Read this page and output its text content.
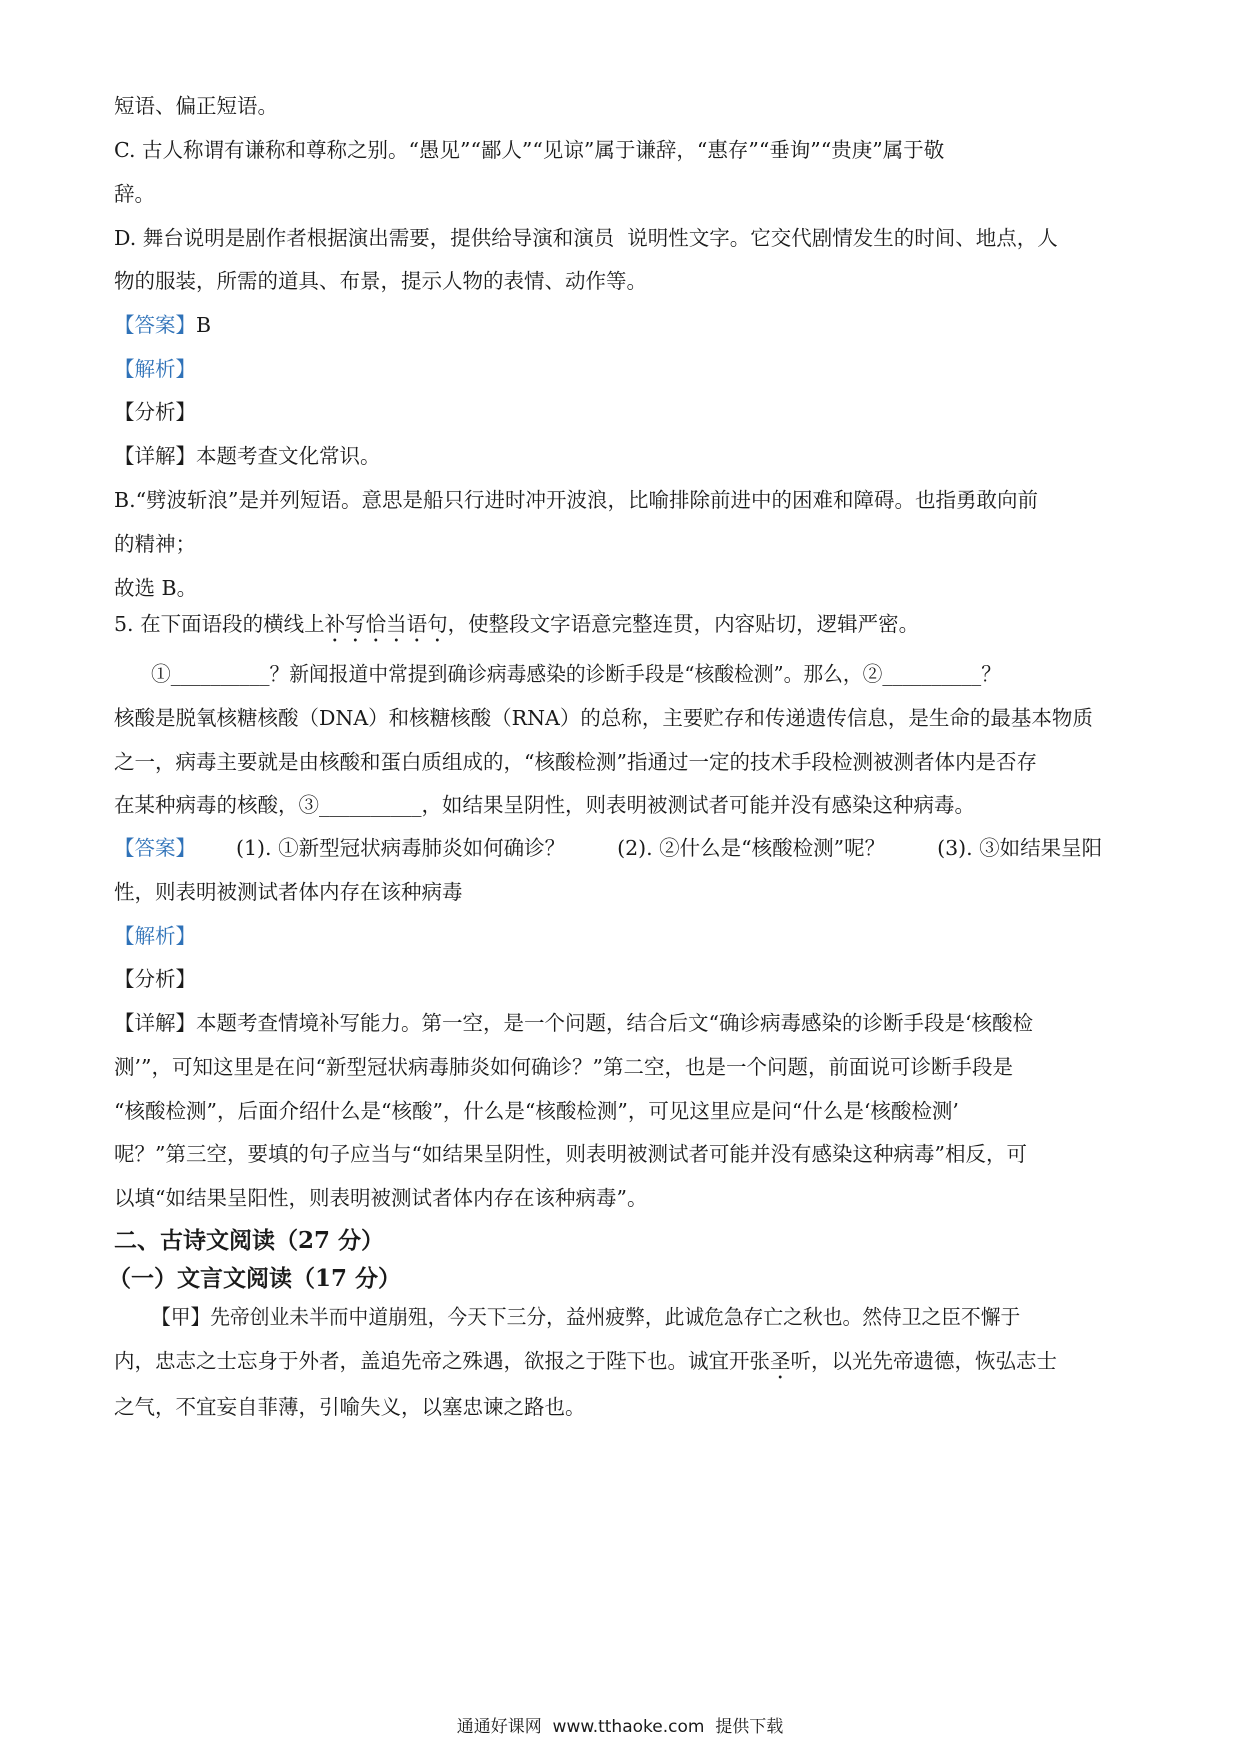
短语、偏正短语。
C. 古人称谓有谦称和尊称之别。“愚见”“鄙人”“见谅”属于谦辞，“惠存”“垂询”“贵庚”属于敬
辞。
D. 舞台说明是剧作者根据演出需要，提供给导演和演员  说明性文字。它交代剧情发生的时间、地点，人
物的服装，所需的道具、布景，提示人物的表情、动作等。
【答案】B
【解析】
【分析】
【详解】本题考查文化常识。
B.“劈波斩浪”是并列短语。意思是船只行进时冲开波浪，比喻排除前进中的困难和障碍。也指勇敢向前
的精神；
故选 B。
5. 在下面语段的横线上补写恰当语句，使整段文字语意完整连贯，内容贴切，逻辑严密。
①__________？新闻报道中常提到确诊病毒感染的诊断手段是“核酸检测”。那么，②__________？
核酸是脱氧核糖核酸（DNA）和核糖核酸（RNA）的总称，主要贮存和传递遗传信息，是生命的最基本物质
之一，病毒主要就是由核酸和蛋白质组成的，“核酸检测”指通过一定的技术手段检测被测者体内是否存
在某种病毒的核酸，③__________，如结果呈阴性，则表明被测试者可能并没有感染这种病毒。
【答案】 (1). ①新型冠状病毒肺炎如何确诊？	(2). ②什么是“核酸检测”呢？	(3). ③如结果呈阳
性，则表明被测试者体内存在该种病毒
【解析】
【分析】
【详解】本题考查情境补写能力。第一空，是一个问题，结合后文“确诊病毒感染的诊断手段是‘核酸检
测’”，可知这里是在问“新型冠状病毒肺炎如何确诊？”第二空，也是一个问题，前面说可诊断手段是
“核酸检测”，后面介绍什么是“核酸”，什么是“核酸检测”，可见这里应是问“什么是‘核酸检测’
呢？”第三空，要填的句子应当与“如结果呈阴性，则表明被测试者可能并没有感染这种病毒”相反，可
以填“如结果呈阳性，则表明被测试者体内存在该种病毒”。
二、古诗文阅读（27 分）
（一）文言文阅读（17 分）
【甲】先帝创业未半而中道崩殂，今天下三分，益州疲弊，此诚危急存亡之秋也。然侍卫之臣不懈于
内，忠志之士忘身于外者，盖追先帝之殊遇，欲报之于陛下也。诚宜开张圣听，以光先帝遗德，恢弘志士
之气，不宜妄自菲薄，引喻失义，以塞忠谏之路也。
通通好课网  www.tthaoke.com  提供下载
